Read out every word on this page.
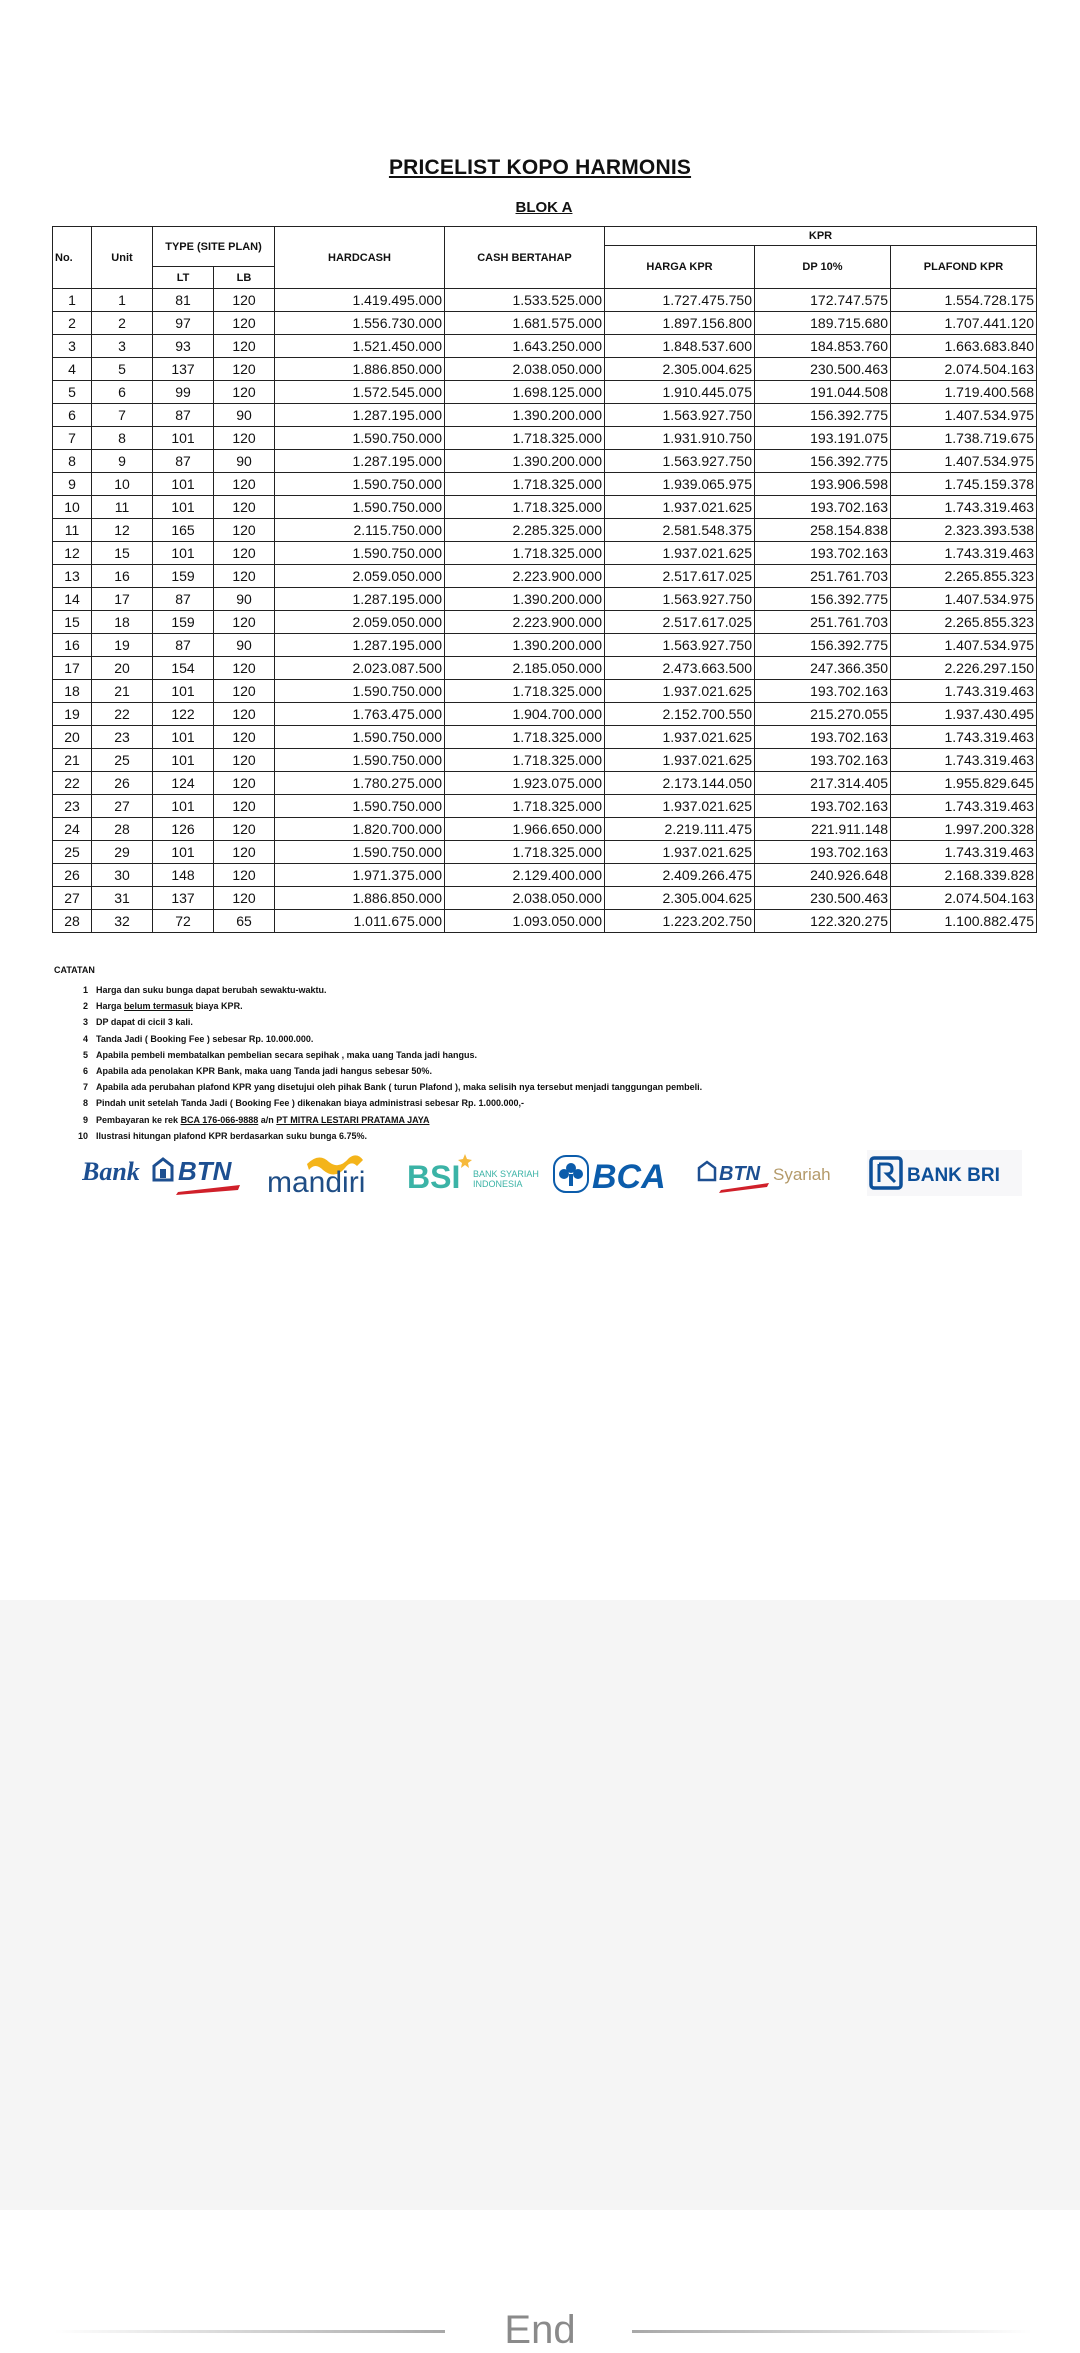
PRICELIST KOPO HARMONIS
BLOK A
No.	Unit	TYPE (SITE PLAN)		HARDCASH	CASH BERTAHAP	KPR		
						HARGA KPR	DP 10%	PLAFOND KPR
		LT	LB					
1	1	81	120	1.419.495.000	1.533.525.000	1.727.475.750	172.747.575	1.554.728.175
2	2	97	120	1.556.730.000	1.681.575.000	1.897.156.800	189.715.680	1.707.441.120
3	3	93	120	1.521.450.000	1.643.250.000	1.848.537.600	184.853.760	1.663.683.840
4	5	137	120	1.886.850.000	2.038.050.000	2.305.004.625	230.500.463	2.074.504.163
5	6	99	120	1.572.545.000	1.698.125.000	1.910.445.075	191.044.508	1.719.400.568
6	7	87	90	1.287.195.000	1.390.200.000	1.563.927.750	156.392.775	1.407.534.975
7	8	101	120	1.590.750.000	1.718.325.000	1.931.910.750	193.191.075	1.738.719.675
8	9	87	90	1.287.195.000	1.390.200.000	1.563.927.750	156.392.775	1.407.534.975
9	10	101	120	1.590.750.000	1.718.325.000	1.939.065.975	193.906.598	1.745.159.378
10	11	101	120	1.590.750.000	1.718.325.000	1.937.021.625	193.702.163	1.743.319.463
11	12	165	120	2.115.750.000	2.285.325.000	2.581.548.375	258.154.838	2.323.393.538
12	15	101	120	1.590.750.000	1.718.325.000	1.937.021.625	193.702.163	1.743.319.463
13	16	159	120	2.059.050.000	2.223.900.000	2.517.617.025	251.761.703	2.265.855.323
14	17	87	90	1.287.195.000	1.390.200.000	1.563.927.750	156.392.775	1.407.534.975
15	18	159	120	2.059.050.000	2.223.900.000	2.517.617.025	251.761.703	2.265.855.323
16	19	87	90	1.287.195.000	1.390.200.000	1.563.927.750	156.392.775	1.407.534.975
17	20	154	120	2.023.087.500	2.185.050.000	2.473.663.500	247.366.350	2.226.297.150
18	21	101	120	1.590.750.000	1.718.325.000	1.937.021.625	193.702.163	1.743.319.463
19	22	122	120	1.763.475.000	1.904.700.000	2.152.700.550	215.270.055	1.937.430.495
20	23	101	120	1.590.750.000	1.718.325.000	1.937.021.625	193.702.163	1.743.319.463
21	25	101	120	1.590.750.000	1.718.325.000	1.937.021.625	193.702.163	1.743.319.463
22	26	124	120	1.780.275.000	1.923.075.000	2.173.144.050	217.314.405	1.955.829.645
23	27	101	120	1.590.750.000	1.718.325.000	1.937.021.625	193.702.163	1.743.319.463
24	28	126	120	1.820.700.000	1.966.650.000	2.219.111.475	221.911.148	1.997.200.328
25	29	101	120	1.590.750.000	1.718.325.000	1.937.021.625	193.702.163	1.743.319.463
26	30	148	120	1.971.375.000	2.129.400.000	2.409.266.475	240.926.648	2.168.339.828
27	31	137	120	1.886.850.000	2.038.050.000	2.305.004.625	230.500.463	2.074.504.163
28	32	72	65	1.011.675.000	1.093.050.000	1.223.202.750	122.320.275	1.100.882.475
CATATAN
1 Harga dan suku bunga dapat berubah sewaktu-waktu.
2 Harga belum termasuk biaya KPR.
3 DP dapat di cicil 3 kali.
4 Tanda Jadi ( Booking Fee ) sebesar Rp. 10.000.000.
5 Apabila pembeli membatalkan pembelian secara sepihak , maka uang Tanda jadi hangus.
6 Apabila ada penolakan KPR Bank, maka uang Tanda jadi hangus sebesar 50%.
7 Apabila ada perubahan plafond KPR yang disetujui oleh pihak Bank ( turun Plafond ), maka selisih nya tersebut menjadi tanggungan pembeli.
8 Pindah unit setelah Tanda Jadi ( Booking Fee ) dikenakan biaya administrasi sebesar Rp. 1.000.000,-
9 Pembayaran ke rek BCA 176-066-9888 a/n PT MITRA LESTARI PRATAMA JAYA
10 Ilustrasi hitungan plafond KPR berdasarkan suku bunga 6.75%.
Bank BTN mandiri BSI BANK SYARIAH
INDONESIA BCA	BTN Syariah	BANK BRI
End
